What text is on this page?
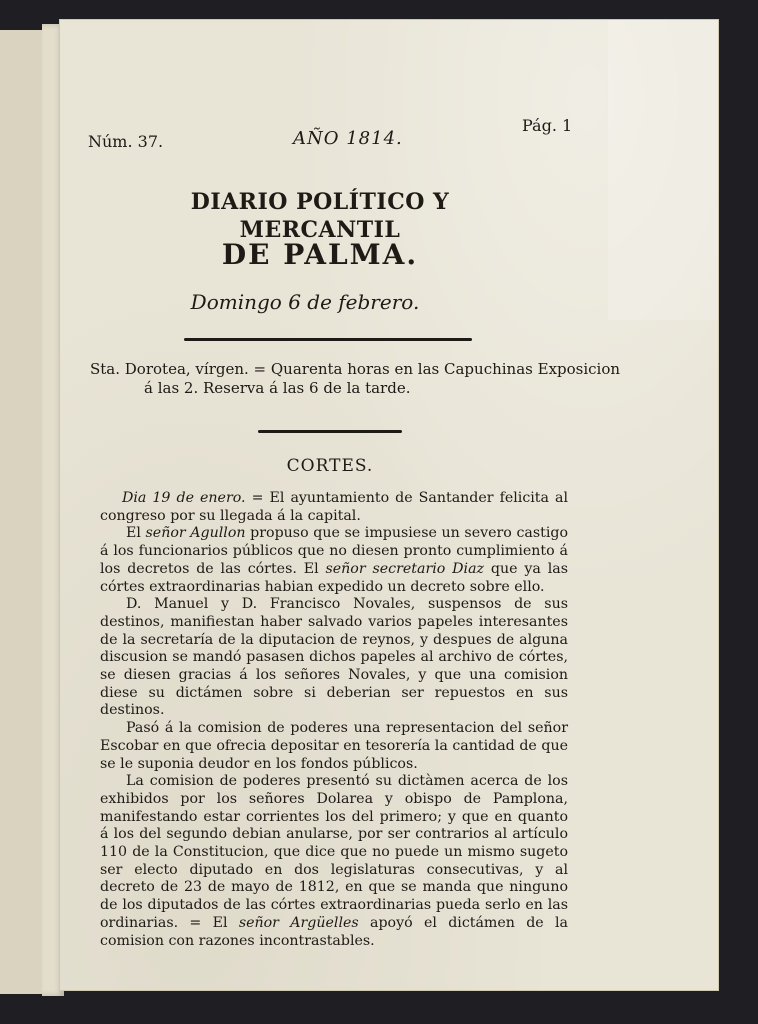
Núm. 37.	AÑO 1814.
Pág. 1
DIARIO POLÍTICO Y MERCANTIL
DE PALMA.
Domingo 6 de febrero.
Sta. Dorotea, vírgen. = Quarenta horas en las Capuchinas Exposicion á las 2. Reserva á las 6 de la tarde.
CORTES.

Dia 19 de enero. = El ayuntamiento de Santander felicita al congreso por su llegada á la capital.

El señor Agullon propuso que se impusiese un severo castigo á los funcionarios públicos que no diesen pronto cumplimiento á los decretos de las córtes. El señor secretario Diaz que ya las córtes extraordinarias habian expedido un decreto sobre ello.

D. Manuel y D. Francisco Novales, suspensos de sus destinos, manifiestan haber salvado varios papeles interesantes de la secretaría de la diputacion de reynos, y despues de alguna discusion se mandó pasasen dichos papeles al archivo de córtes, se diesen gracias á los señores Novales, y que una comision diese su dictámen sobre si deberian ser repuestos en sus destinos.

Pasó á la comision de poderes una representacion del señor Escobar en que ofrecia depositar en tesorería la cantidad de que se le suponia deudor en los fondos públicos.

La comision de poderes presentó su dictàmen acerca de los exhibidos por los señores Dolarea y obispo de Pamplona, manifestando estar corrientes los del primero; y que en quanto á los del segundo debian anularse, por ser contrarios al artículo 110 de la Constitucion, que dice que no puede un mismo sugeto ser electo diputado en dos legislaturas consecutivas, y al decreto de 23 de mayo de 1812, en que se manda que ninguno de los diputados de las córtes extraordinarias pueda serlo en las ordinarias. = El señor Argüelles apoyó el dictámen de la comision con razones incontrastables.
